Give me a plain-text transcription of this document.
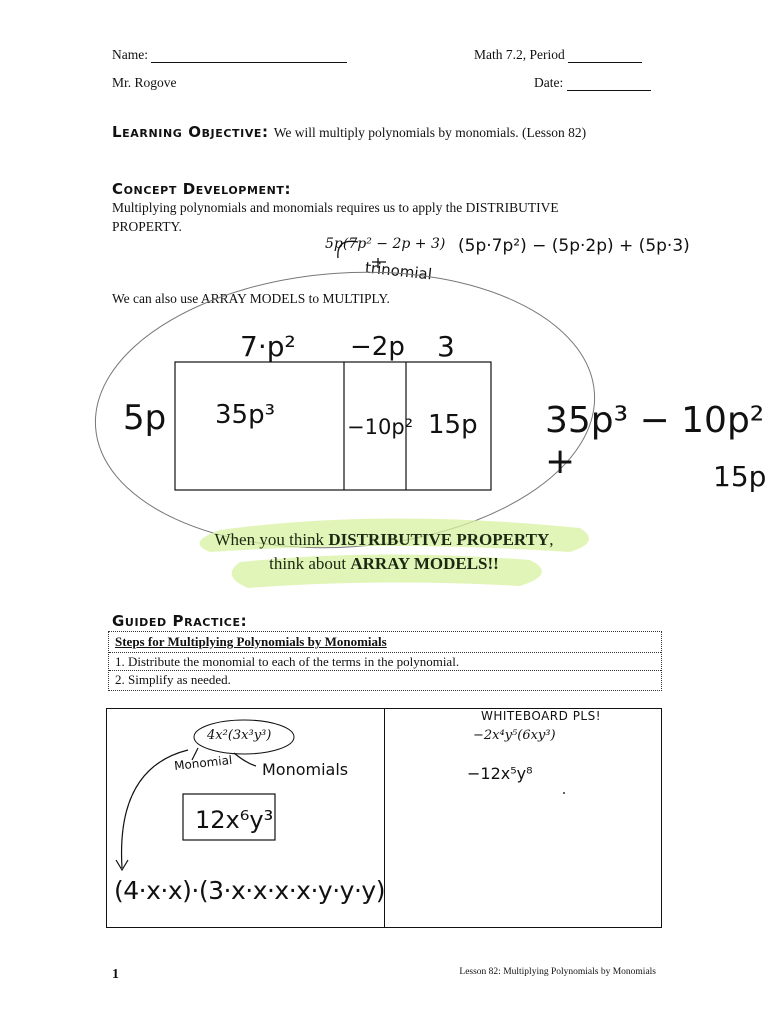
Name:	Math 7.2, Period
Mr. Rogove	Date:
Learning Objective: We will multiply polynomials by monomials. (Lesson 82)
Concept Development:
Multiplying polynomials and monomials requires us to apply the DISTRIBUTIVE
PROPERTY.
5p(7p² − 2p + 3) (5p·7p²) − (5p·2p) + (5p·3)
trinomial
We can also use ARRAY MODELS to MULTIPLY.
5p
7·p² −2p 3
35p³	−10p² 15p 35p³ − 10p² +	15p
When you think DISTRIBUTIVE PROPERTY,
think about ARRAY MODELS!!
Guided Practice:
Steps for Multiplying Polynomials by Monomials
1. Distribute the monomial to each of the terms in the polynomial.
2. Simplify as needed.
4x²(3x³y³)
Monomial Monomials
12x⁶y³
(4·x·x)·(3·x·x·x·x·y·y·y)
WHITEBOARD PLS!
−2x⁴y⁵(6xy³)
−12x⁵y⁸
1	Lesson 82: Multiplying Polynomials by Monomials
